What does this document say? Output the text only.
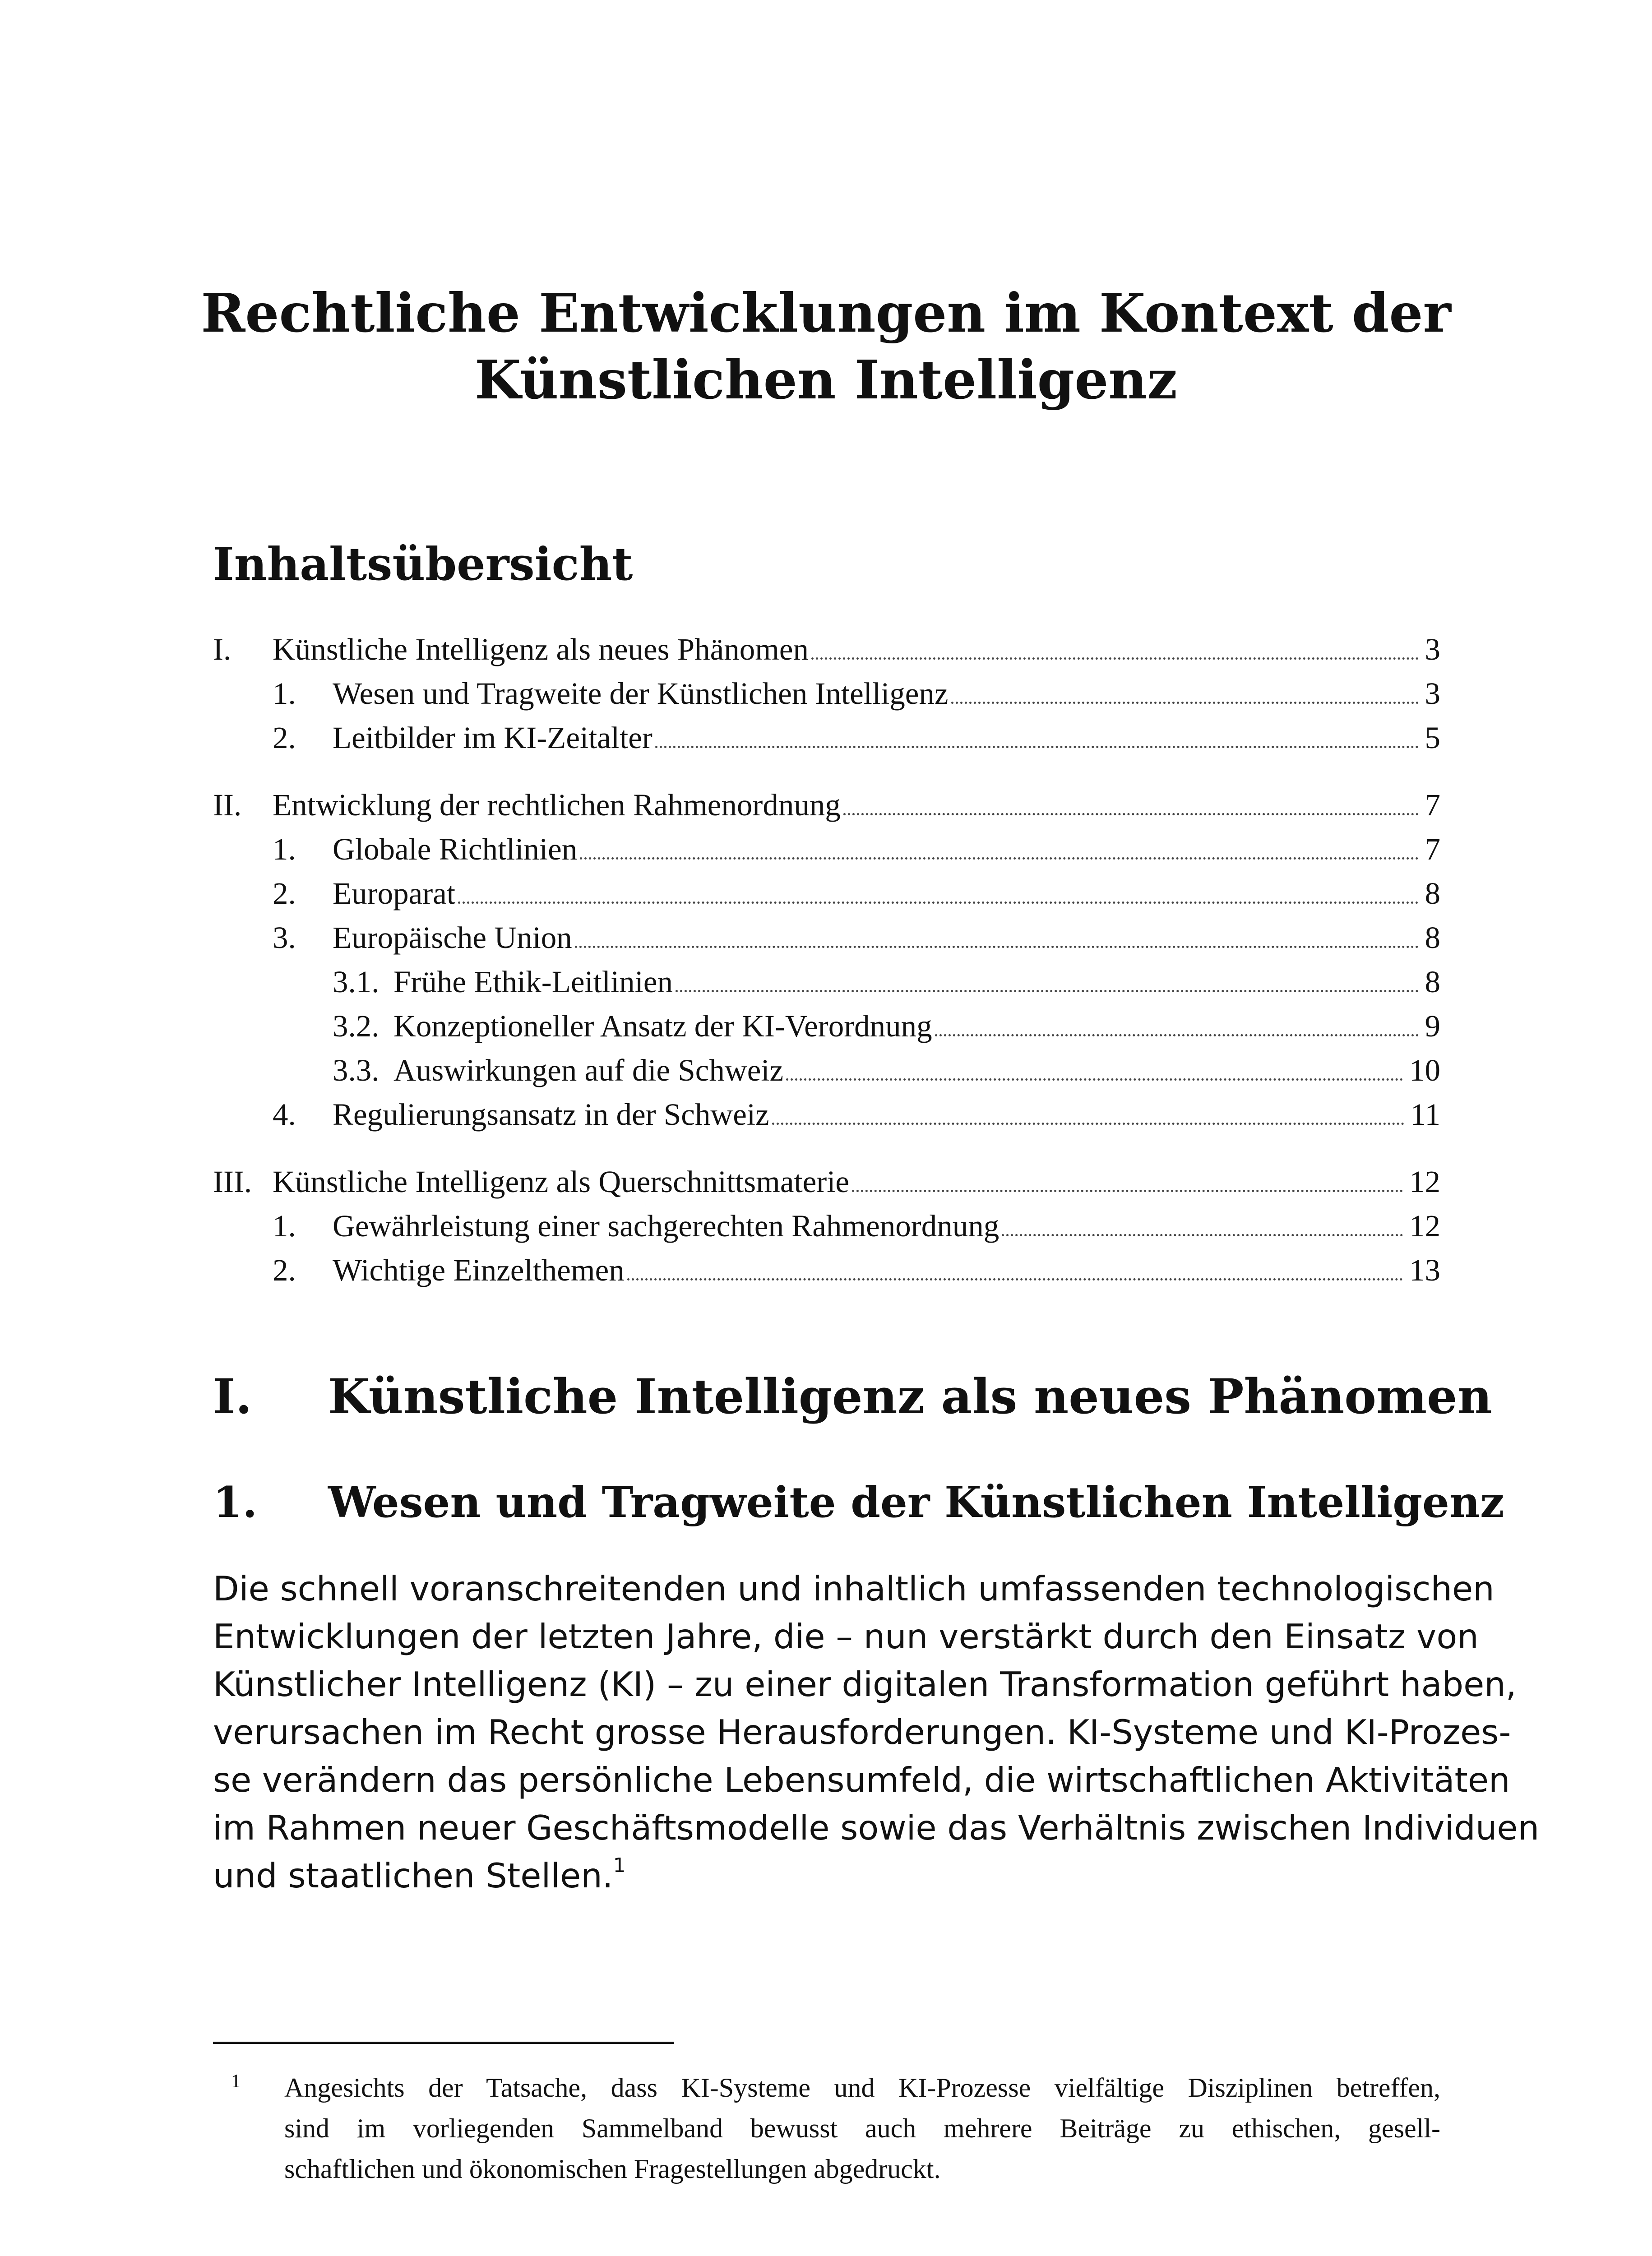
Rechtliche Entwicklungen im Kontext der
Künstlichen Intelligenz
Inhaltsübersicht
I. Künstliche Intelligenz als neues Phänomen	3
1. Wesen und Tragweite der Künstlichen Intelligenz	3
2. Leitbilder im KI-Zeitalter	5
II. Entwicklung der rechtlichen Rahmenordnung	7
1. Globale Richtlinien	7
2. Europarat	8
3. Europäische Union	8
3.1. Frühe Ethik-Leitlinien	8
3.2. Konzeptioneller Ansatz der KI-Verordnung	9
3.3. Auswirkungen auf die Schweiz	10
4. Regulierungsansatz in der Schweiz	11
III. Künstliche Intelligenz als Querschnittsmaterie	12
1. Gewährleistung einer sachgerechten Rahmenordnung	12
2. Wichtige Einzelthemen	13
I. Künstliche Intelligenz als neues Phänomen
1. Wesen und Tragweite der Künstlichen Intelligenz
Die schnell voranschreitenden und inhaltlich umfassenden technologischen
Entwicklungen der letzten Jahre, die – nun verstärkt durch den Einsatz von
Künstlicher Intelligenz (KI) – zu einer digitalen Transformation geführt haben,
verursachen im Recht grosse Herausforderungen. KI-Systeme und KI-Prozes-
se verändern das persönliche Lebensumfeld, die wirtschaftlichen Aktivitäten
im Rahmen neuer Geschäftsmodelle sowie das Verhältnis zwischen Individuen
und staatlichen Stellen.$^1$
1 Angesichts der Tatsache, dass KI-Systeme und KI-Prozesse vielfältige Disziplinen betreffen,
sind im vorliegenden Sammelband bewusst auch mehrere Beiträge zu ethischen, gesell-
schaftlichen und ökonomischen Fragestellungen abgedruckt.
